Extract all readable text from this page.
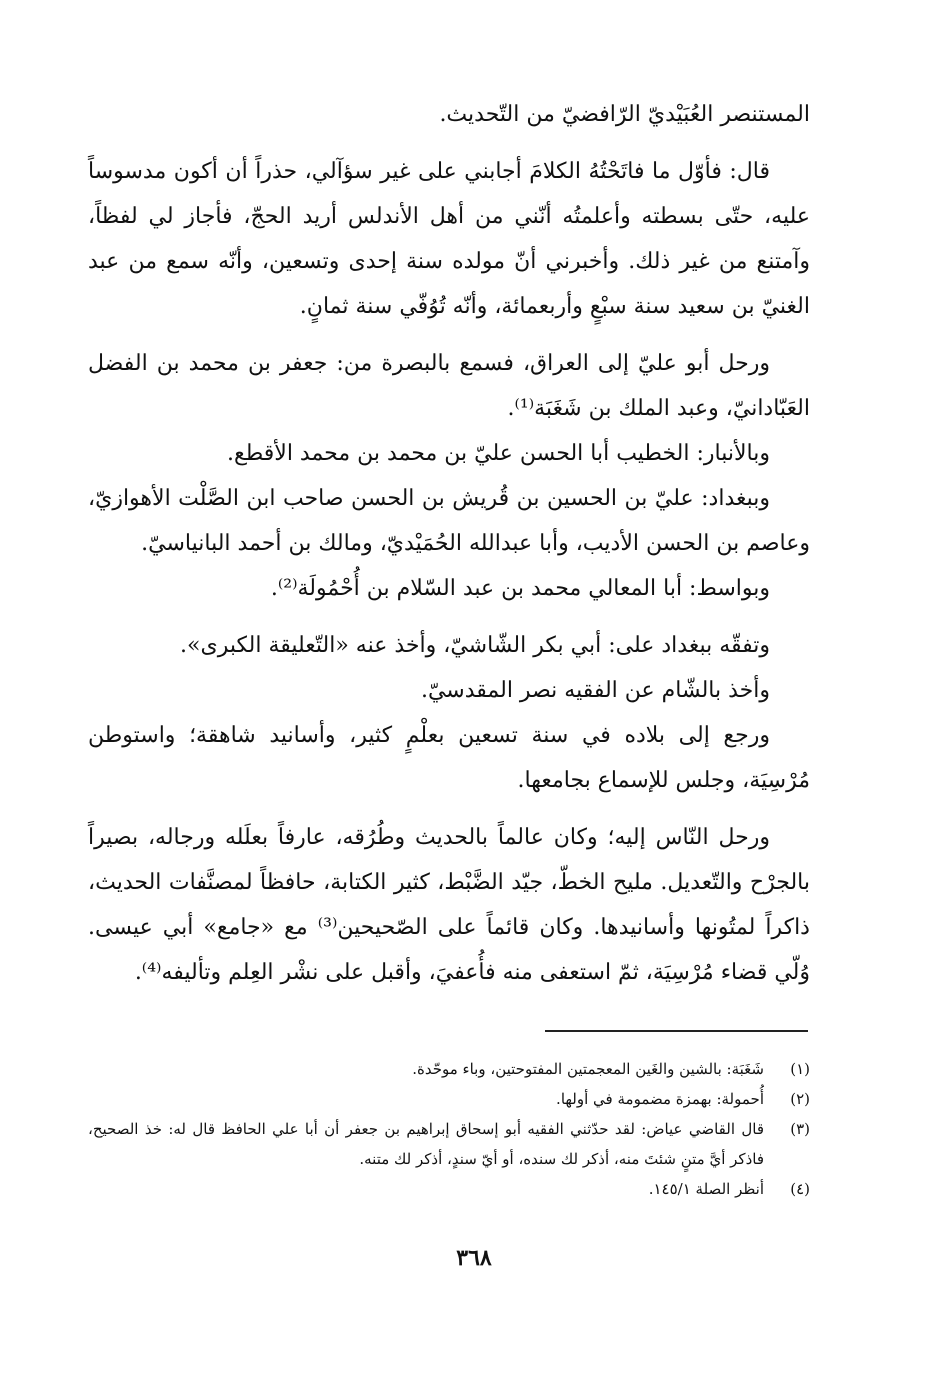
المستنصر العُبَيْديّ الرّافضيّ من التّحديث.

قال: فأوّل ما فاتَحْتُهُ الكلامَ أجابني على غير سؤآلي، حذراً أن أكون مدسوساً عليه، حتّى بسطته وأعلمتُه أنّني من أهل الأندلس أريد الحجّ، فأجاز لي لفظاً، وآمتنع من غير ذلك. وأخبرني أنّ مولده سنة إحدى وتسعين، وأنّه سمع من عبد الغنيّ بن سعيد سنة سبْعٍ وأربعمائة، وأنّه تُوُفّي سنة ثمانٍ.

ورحل أبو عليّ إلى العراق، فسمع بالبصرة من: جعفر بن محمد بن الفضل العَبّادانيّ، وعبد الملك بن شَغَبَة⁽¹⁾.

وبالأنبار: الخطيب أبا الحسن عليّ بن محمد بن محمد الأقطع.

وببغداد: عليّ بن الحسين بن قُريش بن الحسن صاحب ابن الصَّلْت الأهوازيّ، وعاصم بن الحسن الأديب، وأبا عبدالله الحُمَيْديّ، ومالك بن أحمد البانياسيّ.

وبواسط: أبا المعالي محمد بن عبد السّلام بن أُحْمُولَة⁽²⁾.

وتفقّه ببغداد على: أبي بكر الشّاشيّ، وأخذ عنه «التّعليقة الكبرى».

وأخذ بالشّام عن الفقيه نصر المقدسيّ.

ورجع إلى بلاده في سنة تسعين بعلْمٍ كثير، وأسانيد شاهقة؛ واستوطن مُرْسِيَة، وجلس للإسماع بجامعها.

ورحل النّاس إليه؛ وكان عالماً بالحديث وطُرُقه، عارفاً بعلَله ورجاله، بصيراً بالجرْح والتّعديل. مليح الخطّ، جيّد الضَّبْط، كثير الكتابة، حافظاً لمصنَّفات الحديث، ذاكراً لمتُونها وأسانيدها. وكان قائماً على الصّحيحين⁽³⁾ مع «جامع» أبي عيسى. وُلّي قضاء مُرْسِيَة، ثمّ استعفى منه فأُعفيَ، وأقبل على نشْر العِلم وتأليفه⁽⁴⁾.

(١)
شَغَبَة: بالشين والغَين المعجمتين المفتوحتين، وباء موحّدة.
(٢)
أُحمولة: بهمزة مضمومة في أولها.
(٣)
قال القاضي عياض: لقد حدّثني الفقيه أبو إسحاق إبراهيم بن جعفر أن أبا علي الحافظ قال له: خذ الصحيح، فاذكر أيَّ متنٍ شئتَ منه، أذكر لك سنده، أو أيّ سندٍ، أذكر لك متنه.
(٤)
أنظر الصلة ١٤٥/١.
٣٦٨
